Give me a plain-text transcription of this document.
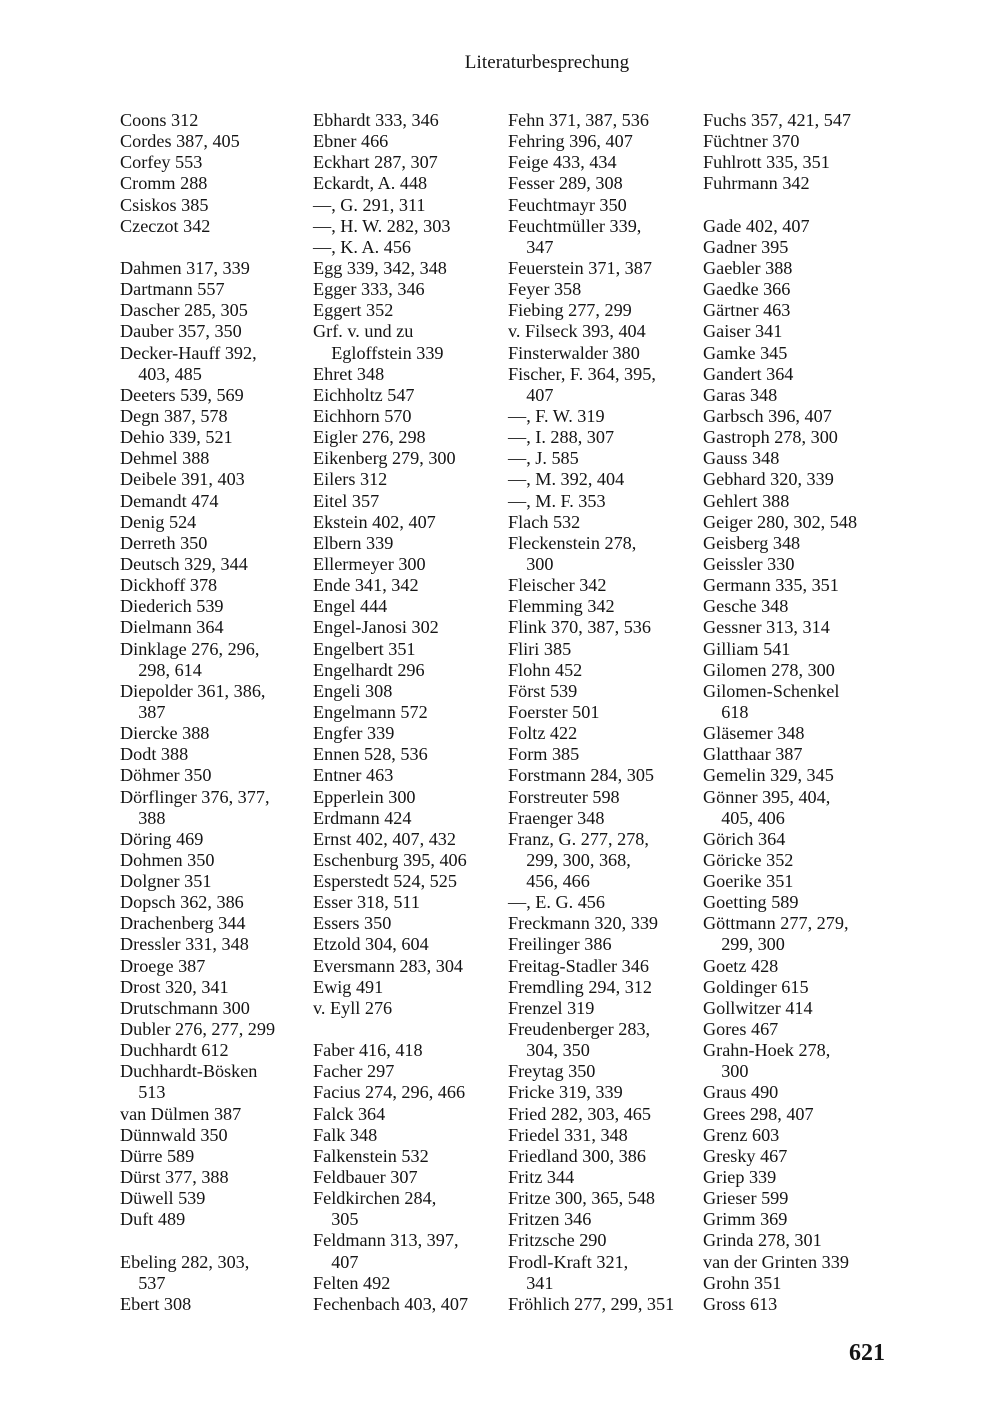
Literaturbesprechung
Coons 312
Cordes 387, 405
Corfey 553
Cromm 288
Csiskos 385
Czeczot 342
Dahmen 317, 339
Dartmann 557
Dascher 285, 305
Dauber 357, 350
Decker-Hauff 392,
403, 485
Deeters 539, 569
Degn 387, 578
Dehio 339, 521
Dehmel 388
Deibele 391, 403
Demandt 474
Denig 524
Derreth 350
Deutsch 329, 344
Dickhoff 378
Diederich 539
Dielmann 364
Dinklage 276, 296,
298, 614
Diepolder 361, 386,
387
Diercke 388
Dodt 388
Döhmer 350
Dörflinger 376, 377,
388
Döring 469
Dohmen 350
Dolgner 351
Dopsch 362, 386
Drachenberg 344
Dressler 331, 348
Droege 387
Drost 320, 341
Drutschmann 300
Dubler 276, 277, 299
Duchhardt 612
Duchhardt-Bösken
513
van Dülmen 387
Dünnwald 350
Dürre 589
Dürst 377, 388
Düwell 539
Duft 489
Ebeling 282, 303,
537
Ebert 308
Ebhardt 333, 346
Ebner 466
Eckhart 287, 307
Eckardt, A. 448
—, G. 291, 311
—, H. W. 282, 303
—, K. A. 456
Egg 339, 342, 348
Egger 333, 346
Eggert 352
Grf. v. und zu
Egloffstein 339
Ehret 348
Eichholtz 547
Eichhorn 570
Eigler 276, 298
Eikenberg 279, 300
Eilers 312
Eitel 357
Ekstein 402, 407
Elbern 339
Ellermeyer 300
Ende 341, 342
Engel 444
Engel-Janosi 302
Engelbert 351
Engelhardt 296
Engeli 308
Engelmann 572
Engfer 339
Ennen 528, 536
Entner 463
Epperlein 300
Erdmann 424
Ernst 402, 407, 432
Eschenburg 395, 406
Esperstedt 524, 525
Esser 318, 511
Essers 350
Etzold 304, 604
Eversmann 283, 304
Ewig 491
v. Eyll 276
Faber 416, 418
Facher 297
Facius 274, 296, 466
Falck 364
Falk 348
Falkenstein 532
Feldbauer 307
Feldkirchen 284,
305
Feldmann 313, 397,
407
Felten 492
Fechenbach 403, 407
Fehn 371, 387, 536
Fehring 396, 407
Feige 433, 434
Fesser 289, 308
Feuchtmayr 350
Feuchtmüller 339,
347
Feuerstein 371, 387
Feyer 358
Fiebing 277, 299
v. Filseck 393, 404
Finsterwalder 380
Fischer, F. 364, 395,
407
—, F. W. 319
—, I. 288, 307
—, J. 585
—, M. 392, 404
—, M. F. 353
Flach 532
Fleckenstein 278,
300
Fleischer 342
Flemming 342
Flink 370, 387, 536
Fliri 385
Flohn 452
Först 539
Foerster 501
Foltz 422
Form 385
Forstmann 284, 305
Forstreuter 598
Fraenger 348
Franz, G. 277, 278,
299, 300, 368,
456, 466
—, E. G. 456
Freckmann 320, 339
Freilinger 386
Freitag-Stadler 346
Fremdling 294, 312
Frenzel 319
Freudenberger 283,
304, 350
Freytag 350
Fricke 319, 339
Fried 282, 303, 465
Friedel 331, 348
Friedland 300, 386
Fritz 344
Fritze 300, 365, 548
Fritzen 346
Fritzsche 290
Frodl-Kraft 321,
341
Fröhlich 277, 299, 351
Fuchs 357, 421, 547
Füchtner 370
Fuhlrott 335, 351
Fuhrmann 342
Gade 402, 407
Gadner 395
Gaebler 388
Gaedke 366
Gärtner 463
Gaiser 341
Gamke 345
Gandert 364
Garas 348
Garbsch 396, 407
Gastroph 278, 300
Gauss 348
Gebhard 320, 339
Gehlert 388
Geiger 280, 302, 548
Geisberg 348
Geissler 330
Germann 335, 351
Gesche 348
Gessner 313, 314
Gilliam 541
Gilomen 278, 300
Gilomen-Schenkel
618
Gläsemer 348
Glatthaar 387
Gemelin 329, 345
Gönner 395, 404,
405, 406
Görich 364
Göricke 352
Goerike 351
Goetting 589
Göttmann 277, 279,
299, 300
Goetz 428
Goldinger 615
Gollwitzer 414
Gores 467
Grahn-Hoek 278,
300
Graus 490
Grees 298, 407
Grenz 603
Gresky 467
Griep 339
Grieser 599
Grimm 369
Grinda 278, 301
van der Grinten 339
Grohn 351
Gross 613
621
